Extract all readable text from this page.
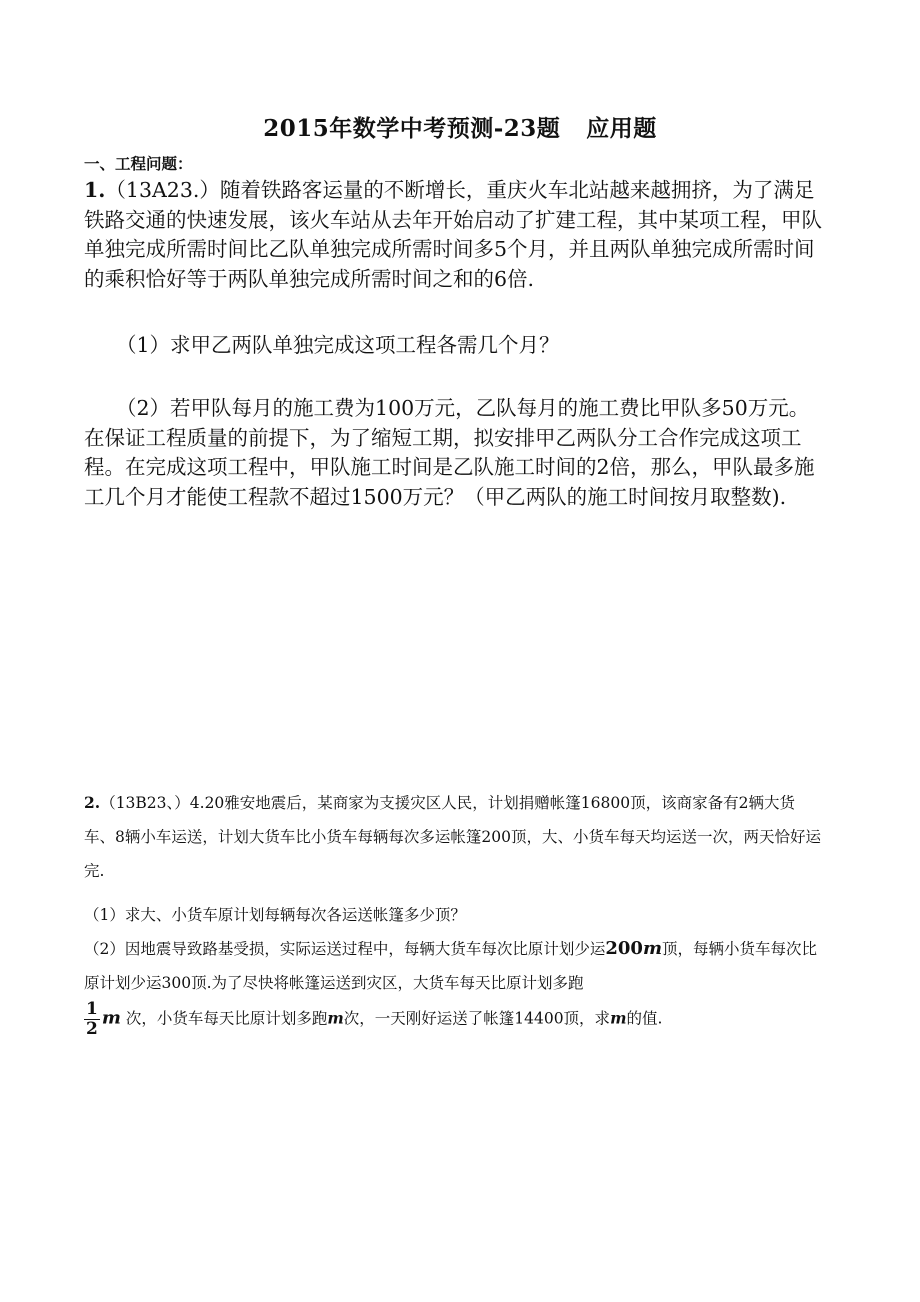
2015年数学中考预测-23题 应用题
一、工程问题：
1.（13A23.）随着铁路客运量的不断增长，重庆火车北站越来越拥挤，为了满足铁路交通的快速发展，该火车站从去年开始启动了扩建工程，其中某项工程，甲队单独完成所需时间比乙队单独完成所需时间多5个月，并且两队单独完成所需时间的乘积恰好等于两队单独完成所需时间之和的6倍.
（1）求甲乙两队单独完成这项工程各需几个月？
（2）若甲队每月的施工费为100万元，乙队每月的施工费比甲队多50万元。在保证工程质量的前提下，为了缩短工期，拟安排甲乙两队分工合作完成这项工程。在完成这项工程中，甲队施工时间是乙队施工时间的2倍，那么，甲队最多施工几个月才能使工程款不超过1500万元？（甲乙两队的施工时间按月取整数).
2.（13B23、）4.20雅安地震后，某商家为支援灾区人民，计划捐赠帐篷16800顶，该商家备有2辆大货车、8辆小车运送，计划大货车比小货车每辆每次多运帐篷200顶，大、小货车每天均运送一次，两天恰好运完.
（1）求大、小货车原计划每辆每次各运送帐篷多少顶？
（2）因地震导致路基受损，实际运送过程中，每辆大货车每次比原计划少运200m顶，每辆小货车每次比原计划少运300顶.为了尽快将帐篷运送到灾区，大货车每天比原计划多跑

$\frac{1}{2}$ m 次，小货车每天比原计划多跑m次，一天刚好运送了帐篷14400顶，求m的值.
